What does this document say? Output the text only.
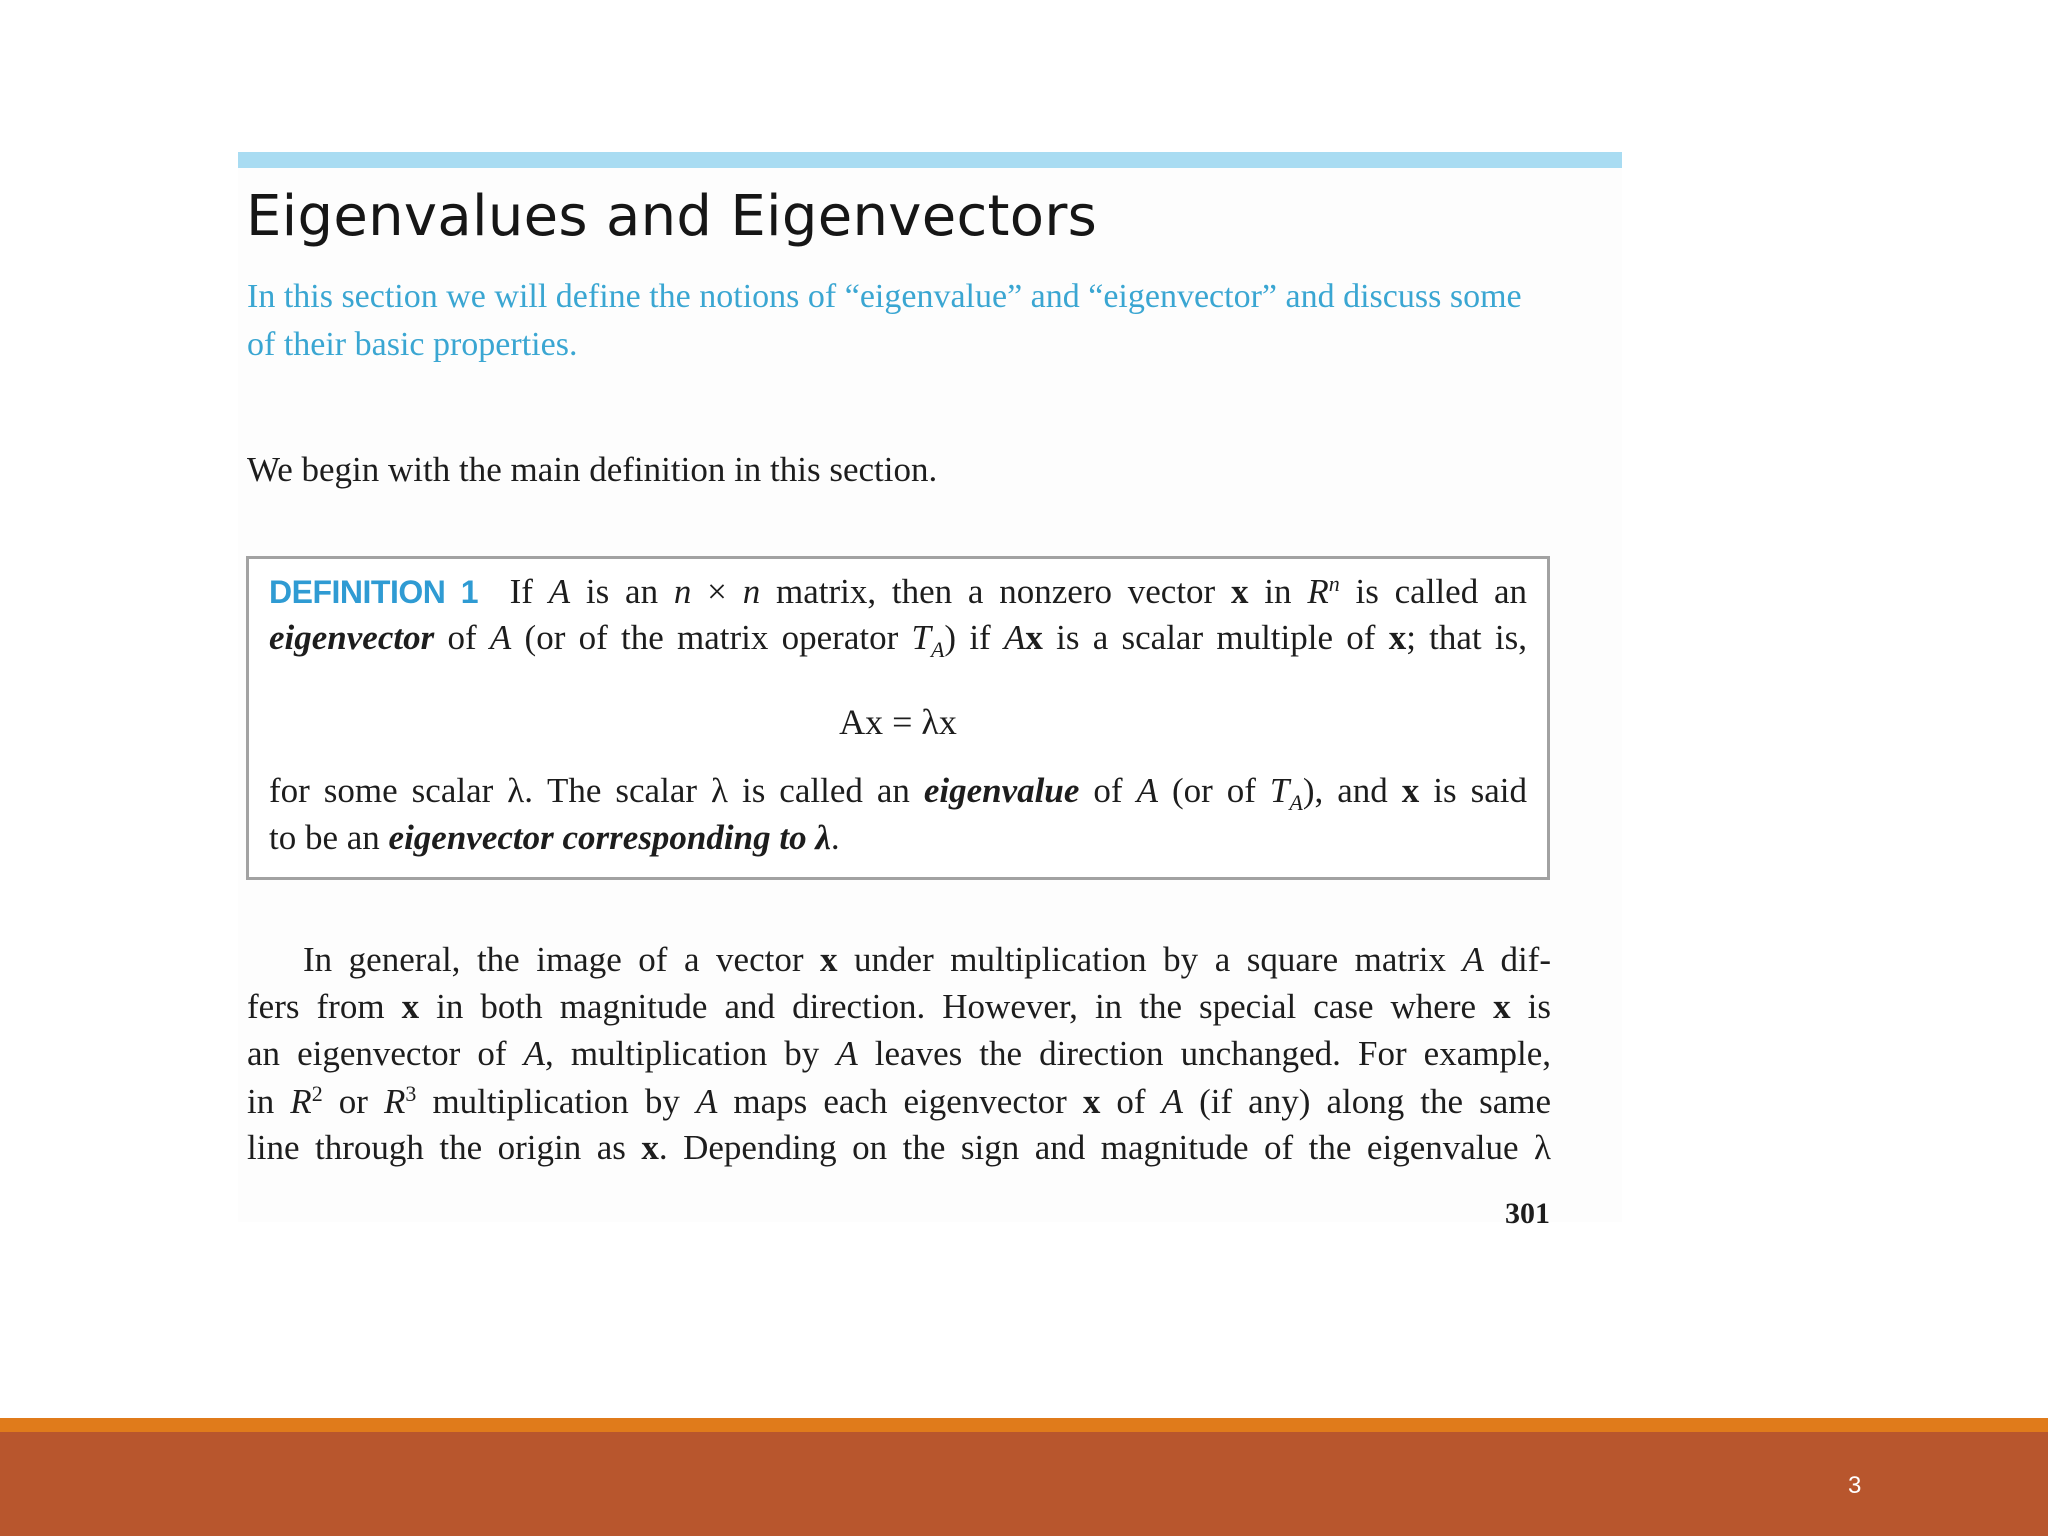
Eigenvalues and Eigenvectors
In this section we will define the notions of “eigenvalue” and “eigenvector” and discuss some of their basic properties.
We begin with the main definition in this section.
DEFINITION 1 If A is an n × n matrix, then a nonzero vector x in $R^n$ is called an
eigenvector of A (or of the matrix operator $T_A$) if Ax is a scalar multiple of x; that is,
Ax = λx
for some scalar λ. The scalar λ is called an eigenvalue of A (or of $T_A$), and x is said
to be an eigenvector corresponding to λ.
In general, the image of a vector x under multiplication by a square matrix A dif-
fers from x in both magnitude and direction. However, in the special case where x is
an eigenvector of A, multiplication by A leaves the direction unchanged. For example,
in $R^2$ or $R^3$ multiplication by A maps each eigenvector x of A (if any) along the same
line through the origin as x. Depending on the sign and magnitude of the eigenvalue λ
301
3
